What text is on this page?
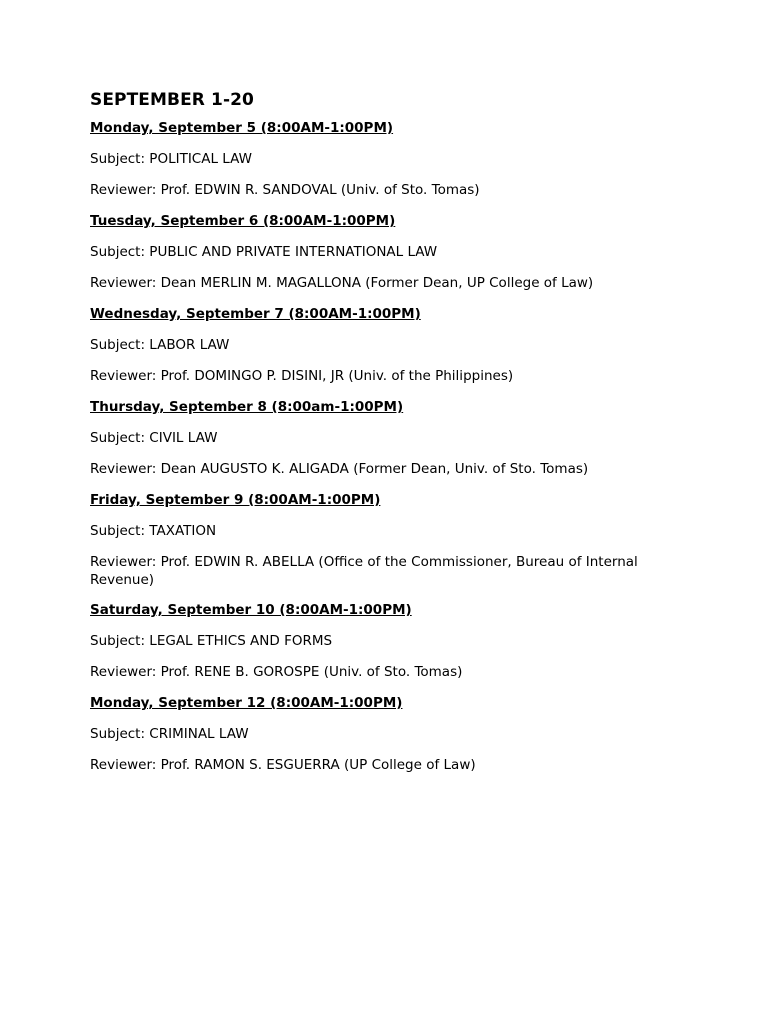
SEPTEMBER 1-20

Monday, September 5 (8:00AM-1:00PM)

Subject: POLITICAL LAW

Reviewer: Prof. EDWIN R. SANDOVAL (Univ. of Sto. Tomas)

Tuesday, September 6 (8:00AM-1:00PM)

Subject: PUBLIC AND PRIVATE INTERNATIONAL LAW

Reviewer: Dean MERLIN M. MAGALLONA (Former Dean, UP College of Law)

Wednesday, September 7 (8:00AM-1:00PM)

Subject: LABOR LAW

Reviewer: Prof. DOMINGO P. DISINI, JR (Univ. of the Philippines)

Thursday, September 8 (8:00am-1:00PM)

Subject: CIVIL LAW

Reviewer: Dean AUGUSTO K. ALIGADA (Former Dean, Univ. of Sto. Tomas)

Friday, September 9 (8:00AM-1:00PM)

Subject: TAXATION

Reviewer: Prof. EDWIN R. ABELLA (Office of the Commissioner, Bureau of Internal Revenue)

Saturday, September 10 (8:00AM-1:00PM)

Subject: LEGAL ETHICS AND FORMS

Reviewer: Prof. RENE B. GOROSPE (Univ. of Sto. Tomas)

Monday, September 12 (8:00AM-1:00PM)

Subject: CRIMINAL LAW

Reviewer: Prof. RAMON S. ESGUERRA (UP College of Law)
